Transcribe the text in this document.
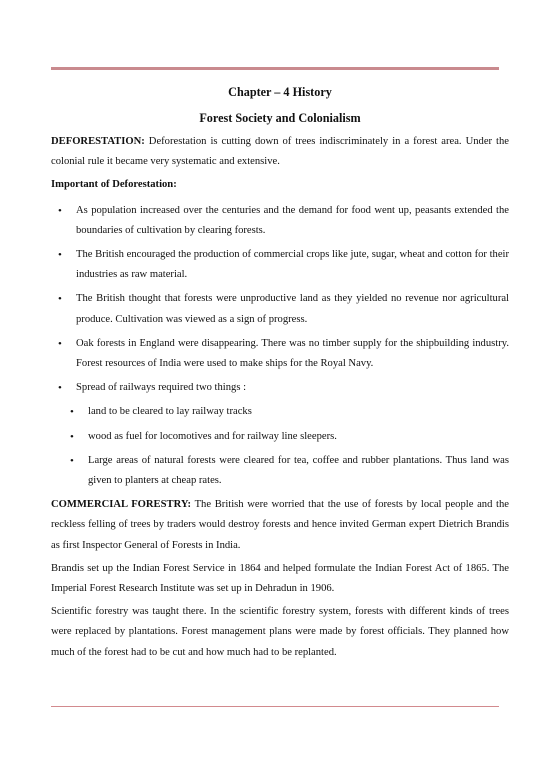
Chapter – 4 History
Forest Society and Colonialism

DEFORESTATION: Deforestation is cutting down of trees indiscriminately in a forest area. Under the colonial rule it became very systematic and extensive.

Important of Deforestation:

• As population increased over the centuries and the demand for food went up, peasants extended the boundaries of cultivation by clearing forests.
• The British encouraged the production of commercial crops like jute, sugar, wheat and cotton for their industries as raw material.
• The British thought that forests were unproductive land as they yielded no revenue nor agricultural produce. Cultivation was viewed as a sign of progress.
• Oak forests in England were disappearing. There was no timber supply for the shipbuilding industry. Forest resources of India were used to make ships for the Royal Navy.
• Spread of railways required two things :
• land to be cleared to lay railway tracks
• wood as fuel for locomotives and for railway line sleepers.
• Large areas of natural forests were cleared for tea, coffee and rubber plantations. Thus land was given to planters at cheap rates.

COMMERCIAL FORESTRY: The British were worried that the use of forests by local people and the reckless felling of trees by traders would destroy forests and hence invited German expert Dietrich Brandis as first Inspector General of Forests in India.

Brandis set up the Indian Forest Service in 1864 and helped formulate the Indian Forest Act of 1865. The Imperial Forest Research Institute was set up in Dehradun in 1906.

Scientific forestry was taught there. In the scientific forestry system, forests with different kinds of trees were replaced by plantations. Forest management plans were made by forest officials. They planned how much of the forest had to be cut and how much had to be replanted.
